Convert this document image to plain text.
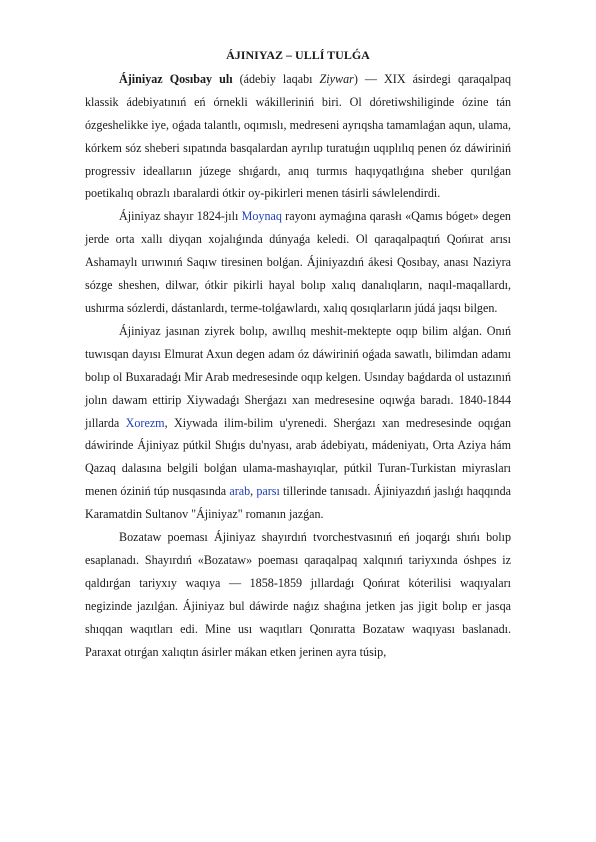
ÁJINIYAZ – ULLÍ TULǴA

Ájiniyaz Qosıbay ulı (ádebiy laqabı Ziywar) — XIX ásirdegi qaraqalpaq klassik ádebiyatınıń eń órnekli wákilleriniń biri. Ol dóretiwshiliginde ózine tán ózgeshelikke iye, oǵada talantlı, oqımıslı, medreseni ayrıqsha tamamlaǵan aqun, ulama, kórkem sóz sheberi sıpatında basqalardan ayrılıp turatuǵın uqıplılıq penen óz dáwiriniń progressiv ideallarıın júzege shıǵardı, anıq turmıs haqıyqatlıǵına sheber qurılǵan poetikalıq obrazlı ıbaralardi ótkir oy-pikirleri menen tásirli sáwlelendirdi.

Ájiniyaz shayır 1824-jılı Moynaq rayonı aymaǵına qarasłı «Qamıs bóget» degen jerde orta xallı diyqan xojalıǵında dúnyaǵa keledi. Ol qaraqalpaqtıń Qońırat arısı Ashamaylı urıwınıń Saqıw tiresinen bolǵan. Ájiniyazdıń ákesi Qosıbay, anası Naziyra sózge sheshen, dilwar, ótkir pikirli hayal bolıp xalıq danalıqların, naqıl-maqallardı, ushırma sózlerdi, dástanlardı, terme-tolǵawlardı, xalıq qosıqlarların júdá jaqsı bilgen.

Ájiniyaz jasınan ziyrek bolıp, awıllıq meshit-mektepte oqıp bilim alǵan. Onıń tuwısqan dayısı Elmurat Axun degen adam óz dáwiriniń oǵada sawatlı, bilimdan adamı bolıp ol Buxaradaǵı Mir Arab medresesinde oqıp kelgen. Usınday baǵdarda ol ustazınıń jolın dawam ettirip Xiywadaǵı Sherǵazı xan medresesine oqıwǵa baradı. 1840-1844 jıllarda Xorezm, Xiywada ilim-bilim u'yrenedi. Sherǵazı xan medresesinde oqıǵan dáwirinde Ájiniyaz pútkil Shıǵıs du'nyası, arab ádebiyatı, mádeniyatı, Orta Aziya hám Qazaq dalasına belgili bolǵan ulama-mashayıqlar, pútkil Turan-Turkistan miyrasları menen óziniń túp nusqasında arab, parsı tillerinde tanısadı. Ájiniyazdıń jaslıǵı haqqında Karamatdin Sultanov "Ájiniyaz" romanın jazǵan.

Bozataw poeması Ájiniyaz shayırdıń tvorchestvasınıń eń joqarǵı shıńı bolıp esaplanadı. Shayırdıń «Bozataw» poeması qaraqalpaq xalqınıń tariyxında óshpes iz qaldırǵan tariyxıy waqıya — 1858-1859 jıllardaǵı Qońırat kóterilisi waqıyaları negizinde jazılǵan. Ájiniyaz bul dáwirde naǵız shaǵına jetken jas jigit bolıp er jasqa shıqqan waqıtları edi. Mine usı waqıtları Qonıratta Bozataw waqıyası baslanadı. Paraxat otırǵan xalıqtın ásirler mákan etken jerinen ayra túsip,
